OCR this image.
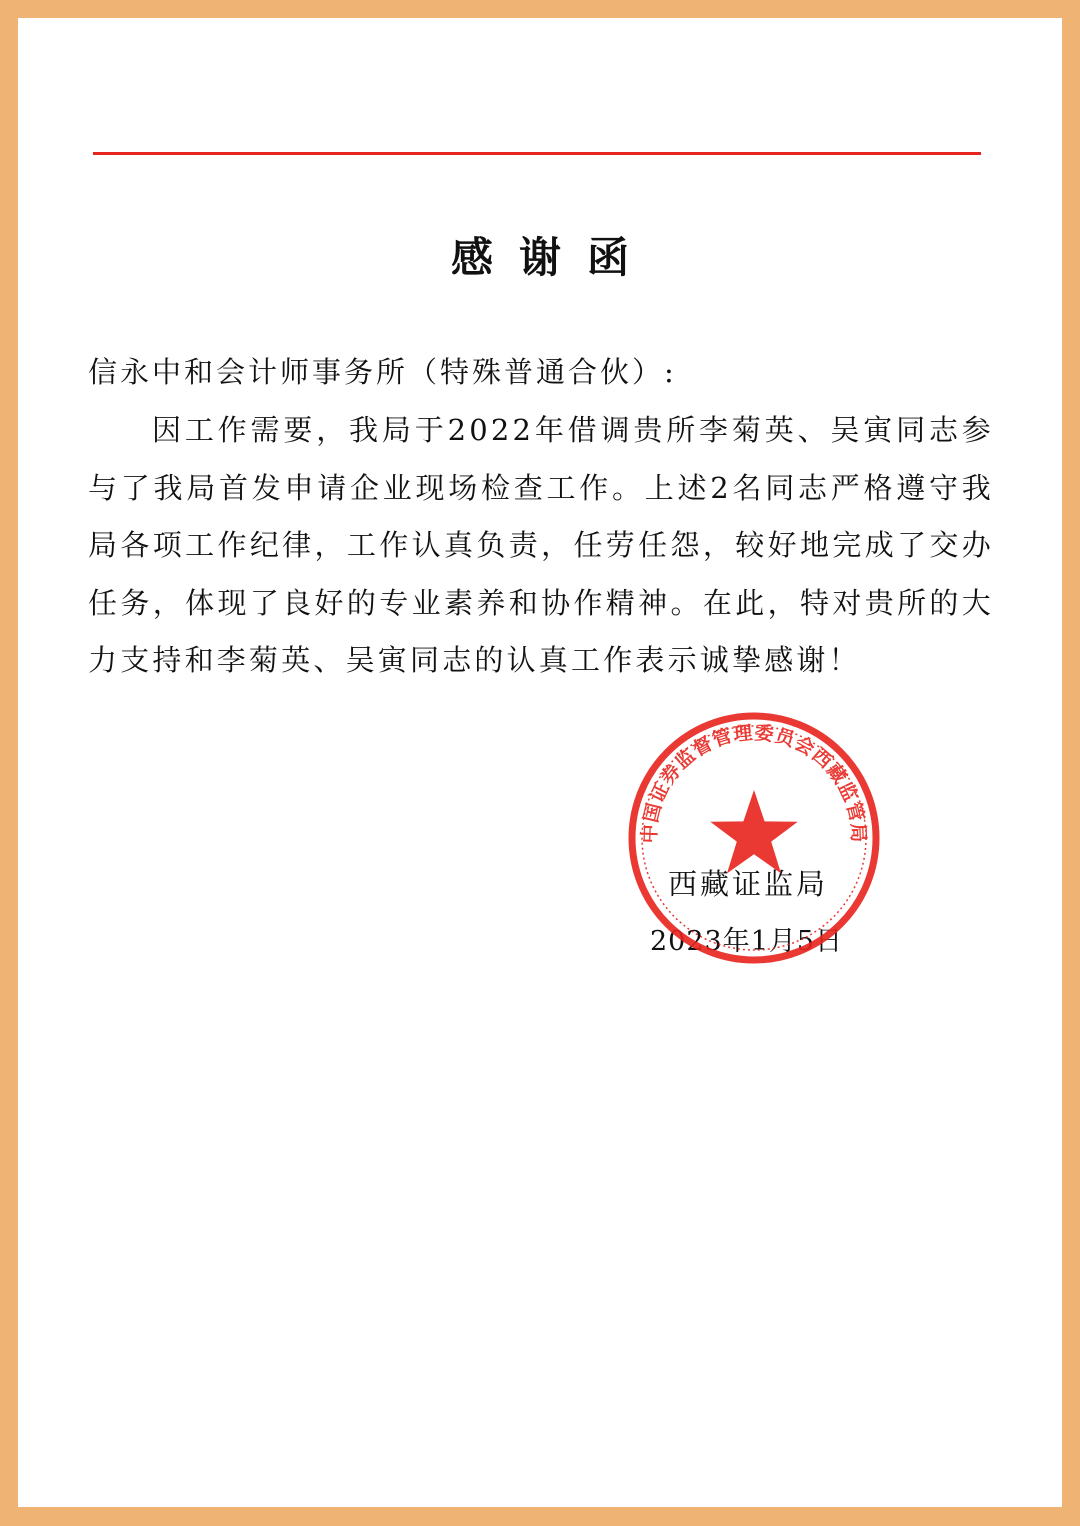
感谢函

信永中和会计师事务所（特殊普通合伙）:

因工作需要，我局于2022年借调贵所李菊英、吴寅同志参与了我局首发申请企业现场检查工作。上述2名同志严格遵守我局各项工作纪律，工作认真负责，任劳任怨，较好地完成了交办任务，体现了良好的专业素养和协作精神。在此，特对贵所的大力支持和李菊英、吴寅同志的认真工作表示诚挚感谢！

西藏证监局

2023年1月5日

中国证券监督管理委员会西藏监管局
